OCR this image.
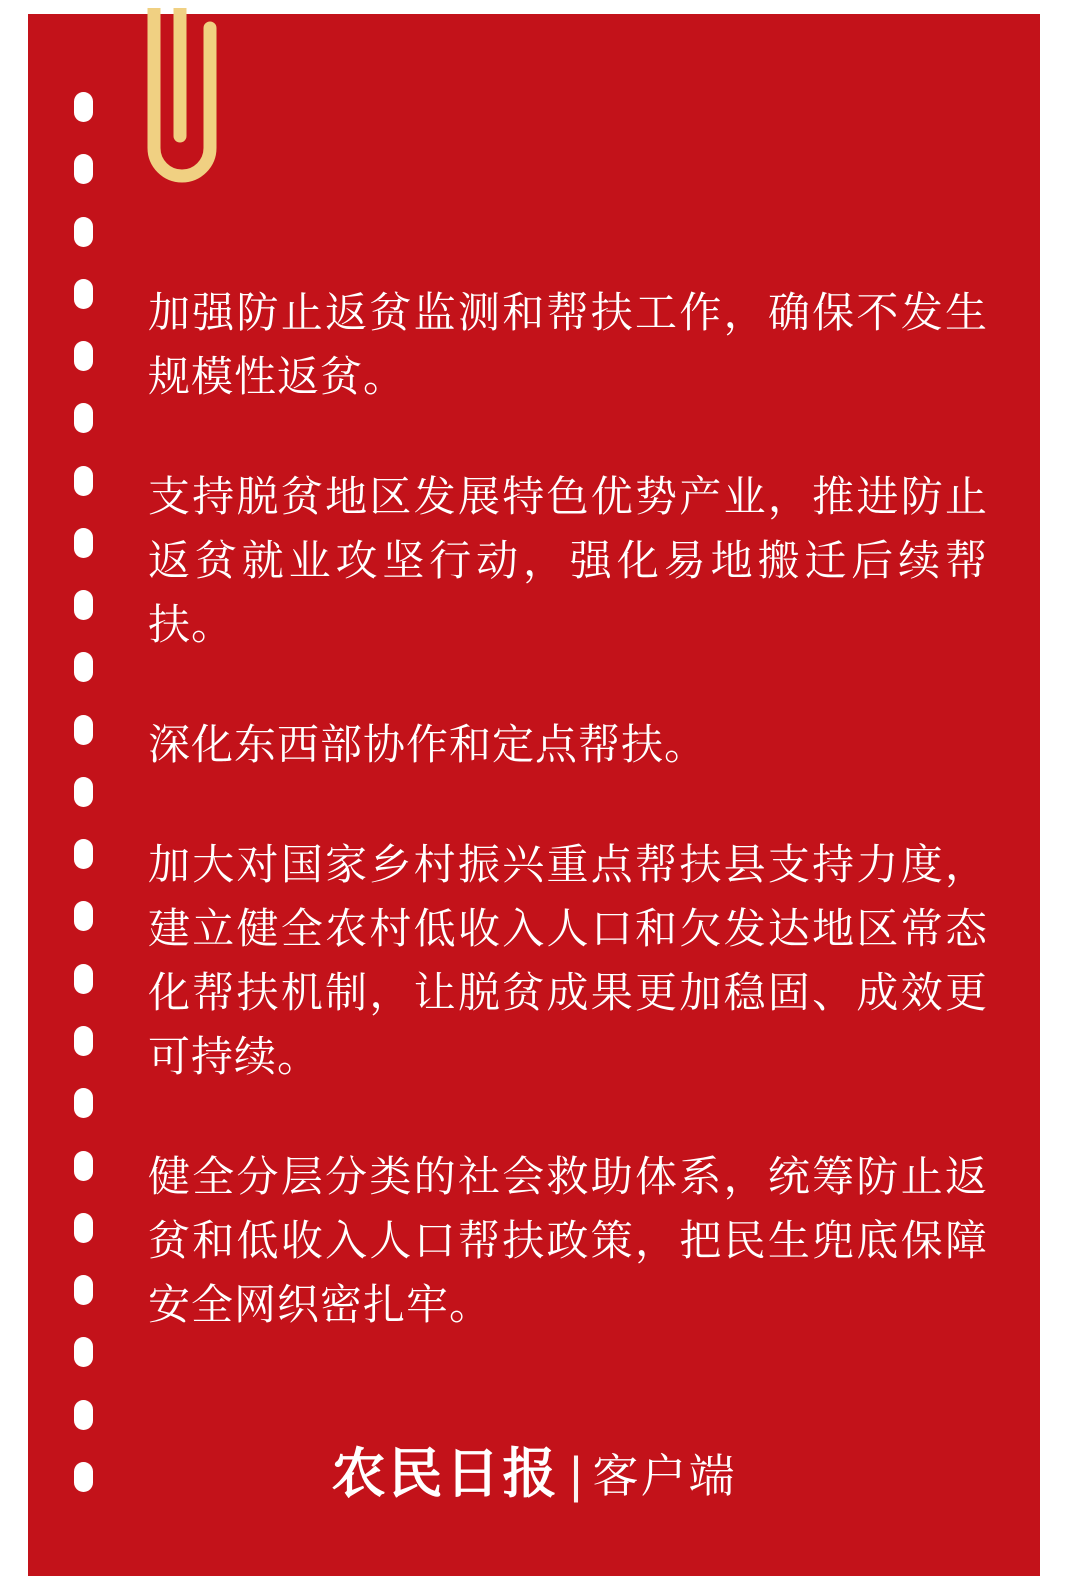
加强防止返贫监测和帮扶工作，确保不发生规模性返贫。

支持脱贫地区发展特色优势产业，推进防止返贫就业攻坚行动，强化易地搬迁后续帮扶。

深化东西部协作和定点帮扶。

加大对国家乡村振兴重点帮扶县支持力度，建立健全农村低收入人口和欠发达地区常态化帮扶机制，让脱贫成果更加稳固、成效更可持续。

健全分层分类的社会救助体系，统筹防止返贫和低收入人口帮扶政策，把民生兜底保障安全网织密扎牢。

农民日报 | 客户端
